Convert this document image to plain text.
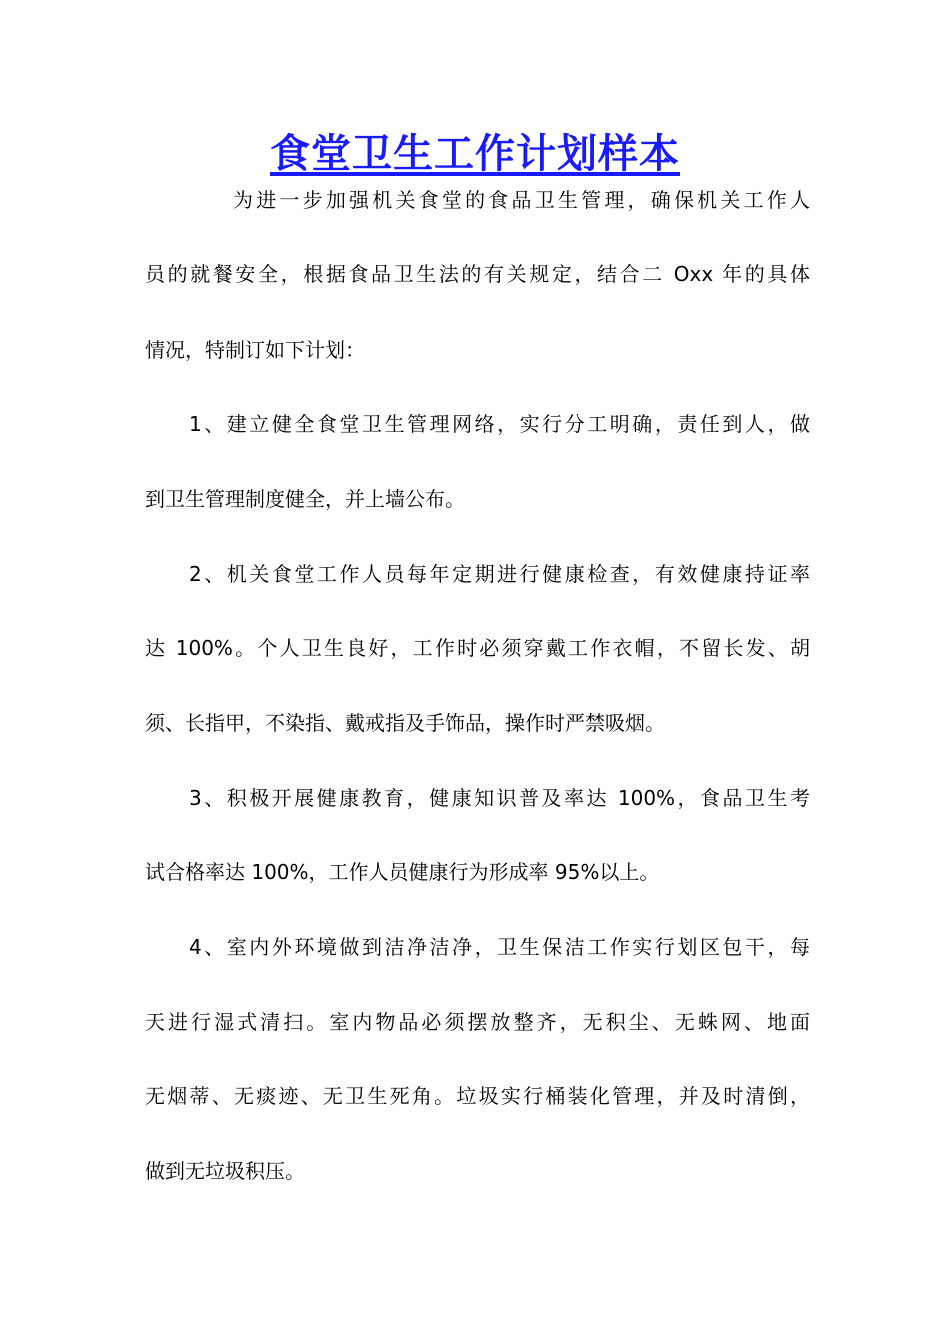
食堂卫生工作计划样本
为进一步加强机关食堂的食品卫生管理，确保机关工作人
员的就餐安全，根据食品卫生法的有关规定，结合二 Oxx 年的具体
情况，特制订如下计划：
1、建立健全食堂卫生管理网络，实行分工明确，责任到人，做
到卫生管理制度健全，并上墙公布。
2、机关食堂工作人员每年定期进行健康检查，有效健康持证率
达 100%。个人卫生良好，工作时必须穿戴工作衣帽，不留长发、胡
须、长指甲，不染指、戴戒指及手饰品，操作时严禁吸烟。
3、积极开展健康教育，健康知识普及率达 100%，食品卫生考
试合格率达 100%，工作人员健康行为形成率 95%以上。
4、室内外环境做到洁净洁净，卫生保洁工作实行划区包干，每
天进行湿式清扫。室内物品必须摆放整齐，无积尘、无蛛网、地面
无烟蒂、无痰迹、无卫生死角。垃圾实行桶装化管理，并及时清倒，
做到无垃圾积压。
